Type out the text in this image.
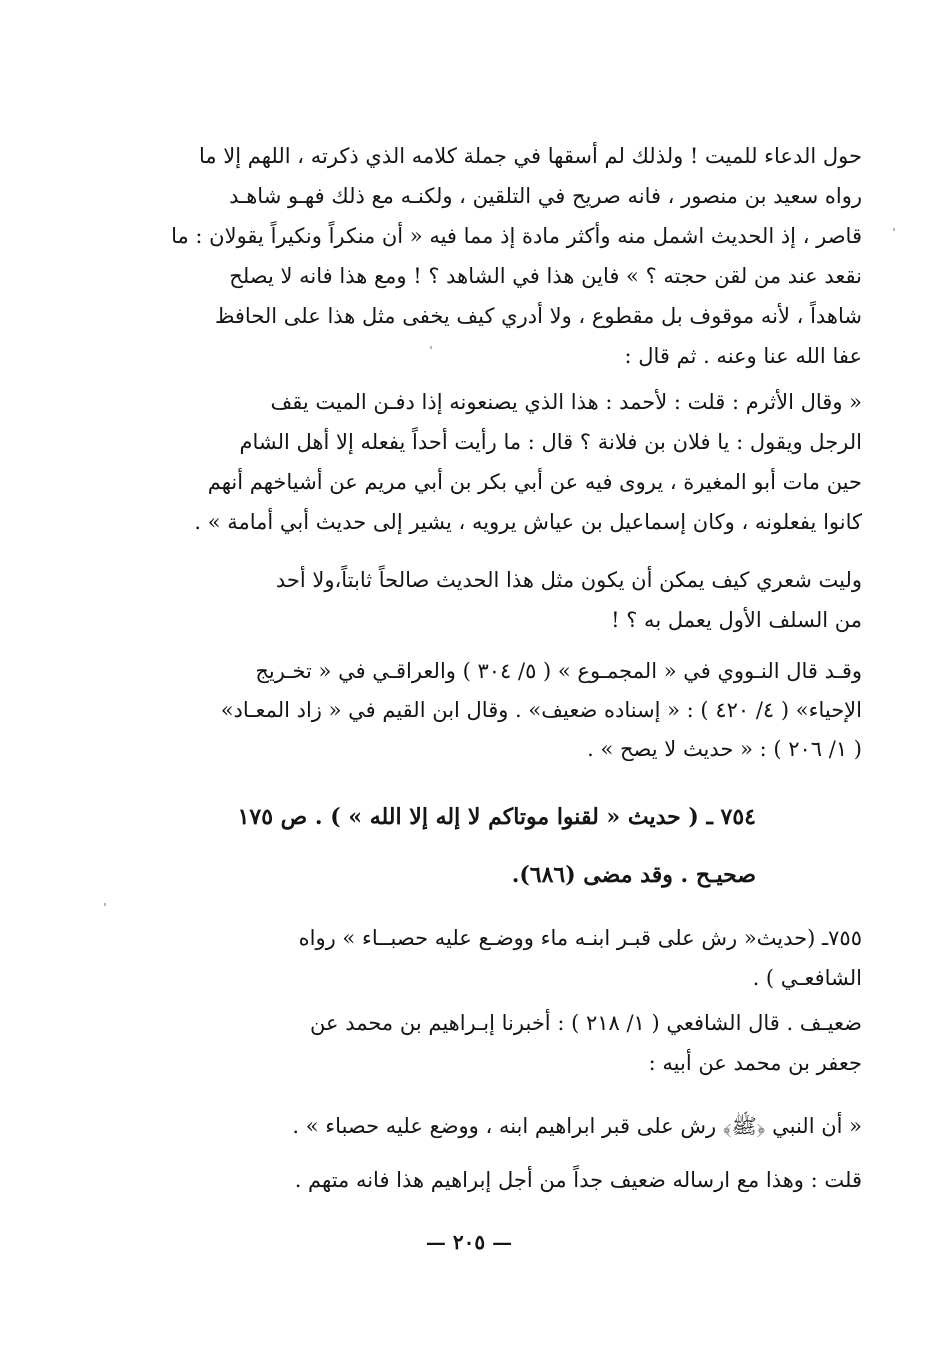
حول الدعاء للميت ! ولذلك لم أسقها في جملة كلامه الذي ذكرته ، اللهم إلا ما
رواه سعيد بن منصور ، فانه صريح في التلقين ، ولكنـه مع ذلك فهـو شاهـد
قاصر ، إذ الحديث اشمل منه وأكثر مادة إذ مما فيه « أن منكراً ونكيراً يقولان : ما
نقعد عند من لقن حجته ؟ » فاين هذا في الشاهد ؟ ! ومع هذا فانه لا يصلح
شاهداً ، لأنه موقوف بل مقطوع ، ولا أدري كيف يخفى مثل هذا على الحافظ
عفا الله عنا وعنه . ثم قال :
« وقال الأثرم : قلت : لأحمد : هذا الذي يصنعونه إذا دفـن الميت يقف
الرجل ويقول : يا فلان بن فلانة ؟ قال : ما رأيت أحداً يفعله إلا أهل الشام
حين مات أبو المغيرة ، يروى فيه عن أبي بكر بن أبي مريم عن أشياخهم أنهم
كانوا يفعلونه ، وكان إسماعيل بن عياش يرويه ، يشير إلى حديث أبي أمامة » .
وليت شعري كيف يمكن أن يكون مثل هذا الحديث صالحاً ثابتاً،ولا أحد
من السلف الأول يعمل به ؟ !
وقـد قال النـووي في « المجمـوع » ( ٥/ ٣٠٤ ) والعراقـي في « تخـريج
الإحياء» ( ٤/ ٤٢٠ ) : « إسناده ضعيف» . وقال ابن القيم في « زاد المعـاد»
( ١/ ٢٠٦ ) : « حديث لا يصح » .
٧٥٤ ـ ( حديث « لقنوا موتاكم لا إله إلا الله » ) . ص ١٧٥
صحيـح . وقد مضى (٦٨٦).
٧٥٥ـ (حديث« رش على قبـر ابنـه ماء ووضـع عليه حصبــاء » رواه
الشافعـي ) .
ضعيـف . قال الشافعي ( ١/ ٢١٨ ) : أخبرنا إبـراهيم بن محمد عن
جعفر بن محمد عن أبيه :
« أن النبي ﴿ﷺ﴾ رش على قبر ابراهيم ابنه ، ووضع عليه حصباء » .
قلت : وهذا مع ارساله ضعيف جداً من أجل إبراهيم هذا فانه متهم .
— ٢٠٥ —
